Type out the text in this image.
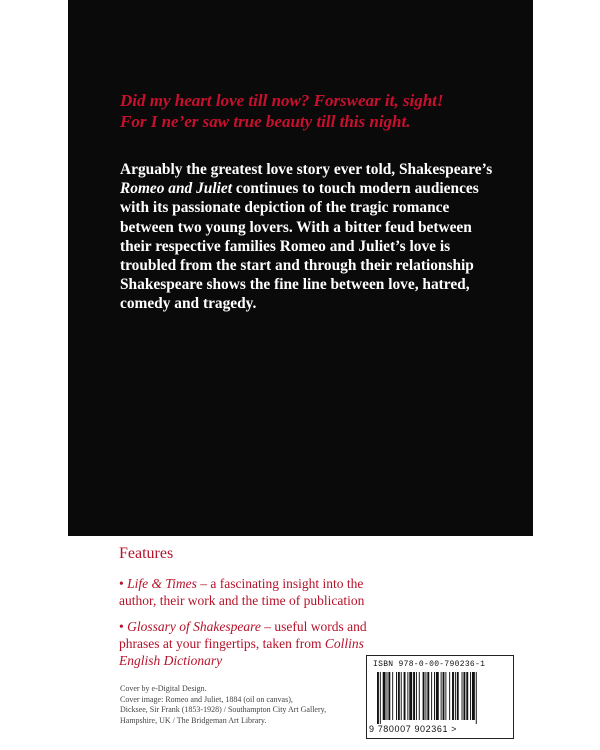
Did my heart love till now? Forswear it, sight!
For I ne’er saw true beauty till this night.

Arguably the greatest love story ever told, Shakespeare’s
Romeo and Juliet continues to touch modern audiences
with its passionate depiction of the tragic romance
between two young lovers. With a bitter feud between
their respective families Romeo and Juliet’s love is
troubled from the start and through their relationship
Shakespeare shows the fine line between love, hatred,
comedy and tragedy.

Features

• Life & Times – a fascinating insight into the
author, their work and the time of publication

• Glossary of Shakespeare – useful words and
phrases at your fingertips, taken from Collins
English Dictionary

Cover by e-Digital Design.
Cover image: Romeo and Juliet, 1884 (oil on canvas),
Dicksee, Sir Frank (1853-1928) / Southampton City Art Gallery,
Hampshire, UK / The Bridgeman Art Library.
ISBN 978-0-00-790236-1
9 780007 902361 >
